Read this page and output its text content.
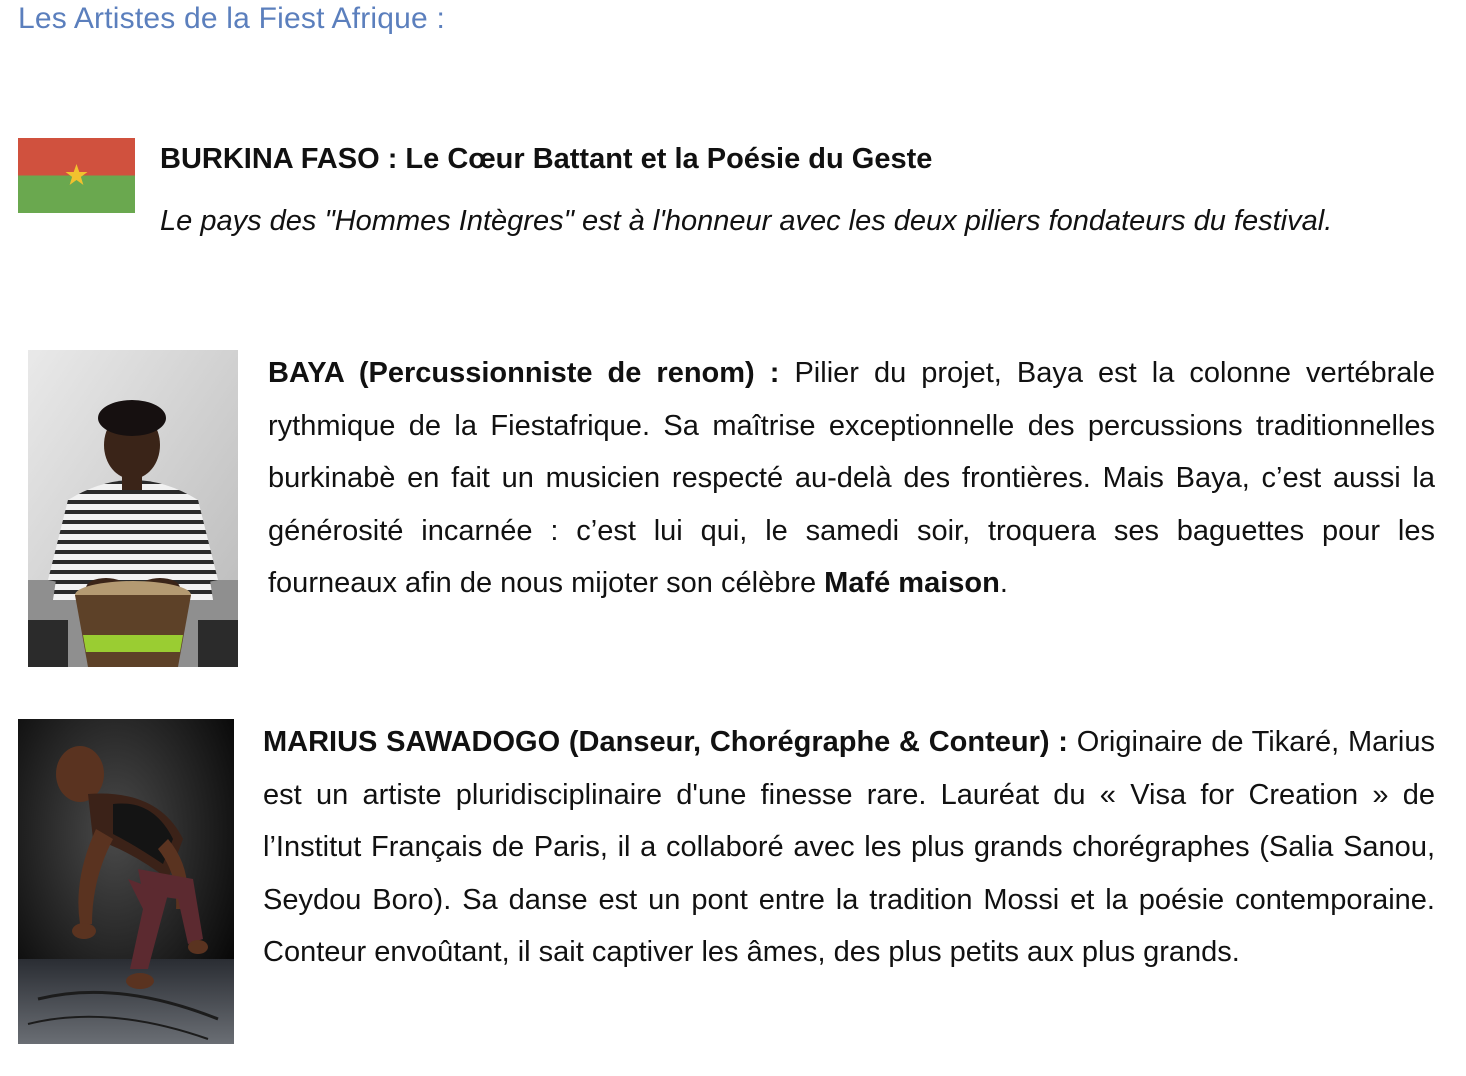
Les Artistes de la Fiest Afrique :
BURKINA FASO : Le Cœur Battant et la Poésie du Geste

Le pays des "Hommes Intègres" est à l'honneur avec les deux piliers fondateurs du festival.

BAYA (Percussionniste de renom) : Pilier du projet, Baya est la colonne vertébrale rythmique de la Fiestafrique. Sa maîtrise exceptionnelle des percussions traditionnelles burkinabè en fait un musicien respecté au-delà des frontières. Mais Baya, c’est aussi la générosité incarnée : c’est lui qui, le samedi soir, troquera ses baguettes pour les fourneaux afin de nous mijoter son célèbre Mafé maison.

MARIUS SAWADOGO (Danseur, Chorégraphe & Conteur) : Originaire de Tikaré, Marius est un artiste pluridisciplinaire d'une finesse rare. Lauréat du « Visa for Creation » de l’Institut Français de Paris, il a collaboré avec les plus grands chorégraphes (Salia Sanou, Seydou Boro). Sa danse est un pont entre la tradition Mossi et la poésie contemporaine. Conteur envoûtant, il sait captiver les âmes, des plus petits aux plus grands.
